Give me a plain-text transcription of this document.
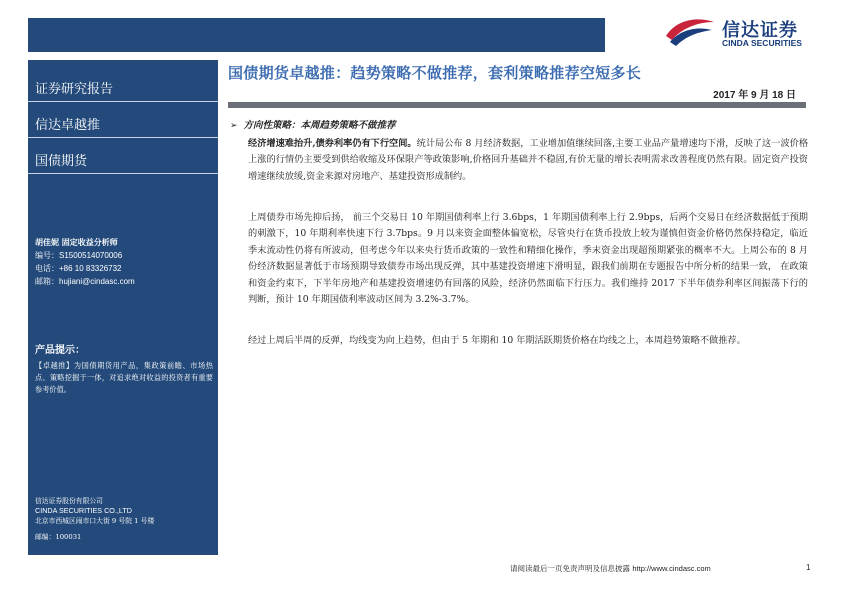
信达证券
CINDA SECURITIES
证券研究报告
信达卓越推
国债期货
胡佳妮 固定收益分析师
编号：S1500514070006
电话：+86 10 83326732
邮箱：hujiani@cindasc.com
产品提示：
【卓越推】为国债期货用产品，集政策前瞻、市场热点、策略挖掘于一体，对追求绝对收益的投资者有重要参考价值。
信达证券股份有限公司
CINDA SECURITIES CO.,LTD
北京市西城区闹市口大街 9 号院 1 号楼
邮编：100031
国债期货卓越推：趋势策略不做推荐，套利策略推荐空短多长
2017 年 9 月 18 日
➢ 方向性策略：本周趋势策略不做推荐
经济增速难抬升,债券利率仍有下行空间。统计局公布 8 月经济数据，工业增加值继续回落,主要工业品产量增速均下滑，反映了这一波价格上涨的行情仍主要受到供给收缩及环保限产等政策影响,价格回升基础并不稳固,有价无量的增长表明需求改善程度仍然有限。固定资产投资增速继续放缓,资金来源对房地产、基建投资形成制约。
上周债券市场先抑后扬， 前三个交易日 10 年期国债利率上行 3.6bps，1 年期国债利率上行 2.9bps，后两个交易日在经济数据低于预期的刺激下，10 年期利率快速下行 3.7bps。9 月以来资金面整体偏宽松，尽管央行在货币投放上较为谨慎但资金价格仍然保持稳定，临近季末流动性仍将有所波动，但考虑今年以来央行货币政策的一致性和精细化操作，季末资金出现超预期紧张的概率不大。上周公布的 8 月份经济数据显著低于市场预期导致债券市场出现反弹，其中基建投资增速下滑明显，跟我们前期在专题报告中所分析的结果一致， 在政策和资金约束下，下半年房地产和基建投资增速仍有回落的风险，经济仍然面临下行压力。我们维持 2017 下半年债券利率区间振荡下行的判断，预计 10 年期国债利率波动区间为 3.2%-3.7%。
经过上周后半周的反弹，均线变为向上趋势，但由于 5 年期和 10 年期活跃期货价格在均线之上，本周趋势策略不做推荐。
请阅读最后一页免责声明及信息披露 http://www.cindasc.com	1
